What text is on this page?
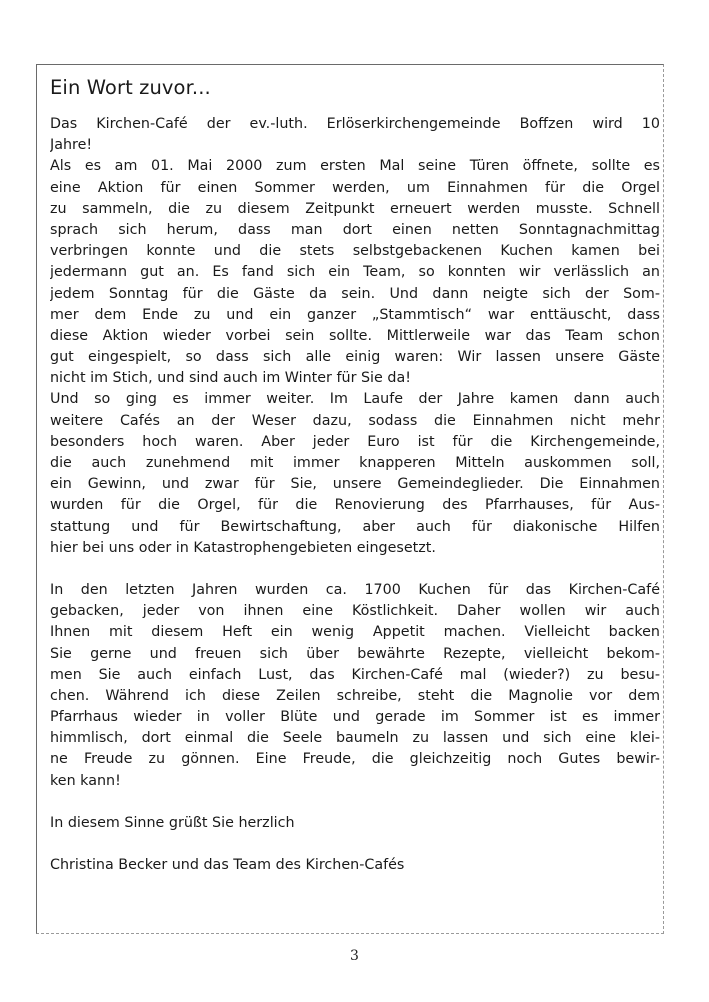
Ein Wort zuvor...
Das Kirchen-Café der ev.-luth. Erlöserkirchengemeinde Boffzen wird 10
Jahre!
Als es am 01. Mai 2000 zum ersten Mal seine Türen öffnete, sollte es
eine Aktion für einen Sommer werden, um Einnahmen für die Orgel
zu sammeln, die zu diesem Zeitpunkt erneuert werden musste. Schnell
sprach sich herum, dass man dort einen netten Sonntagnachmittag
verbringen konnte und die stets selbstgebackenen Kuchen kamen bei
jedermann gut an. Es fand sich ein Team, so konnten wir verlässlich an
jedem Sonntag für die Gäste da sein. Und dann neigte sich der Som-
mer dem Ende zu und ein ganzer „Stammtisch“ war enttäuscht, dass
diese Aktion wieder vorbei sein sollte. Mittlerweile war das Team schon
gut eingespielt, so dass sich alle einig waren: Wir lassen unsere Gäste
nicht im Stich, und sind auch im Winter für Sie da!
Und so ging es immer weiter. Im Laufe der Jahre kamen dann auch
weitere Cafés an der Weser dazu, sodass die Einnahmen nicht mehr
besonders hoch waren. Aber jeder Euro ist für die Kirchengemeinde,
die auch zunehmend mit immer knapperen Mitteln auskommen soll,
ein Gewinn, und zwar für Sie, unsere Gemeindeglieder. Die Einnahmen
wurden für die Orgel, für die Renovierung des Pfarrhauses, für Aus-
stattung und für Bewirtschaftung, aber auch für diakonische Hilfen
hier bei uns oder in Katastrophengebieten eingesetzt.
In den letzten Jahren wurden ca. 1700 Kuchen für das Kirchen-Café
gebacken, jeder von ihnen eine Köstlichkeit. Daher wollen wir auch
Ihnen mit diesem Heft ein wenig Appetit machen. Vielleicht backen
Sie gerne und freuen sich über bewährte Rezepte, vielleicht bekom-
men Sie auch einfach Lust, das Kirchen-Café mal (wieder?) zu besu-
chen. Während ich diese Zeilen schreibe, steht die Magnolie vor dem
Pfarrhaus wieder in voller Blüte und gerade im Sommer ist es immer
himmlisch, dort einmal die Seele baumeln zu lassen und sich eine klei-
ne Freude zu gönnen. Eine Freude, die gleichzeitig noch Gutes bewir-
ken kann!
In diesem Sinne grüßt Sie herzlich
Christina Becker und das Team des Kirchen-Cafés
3
